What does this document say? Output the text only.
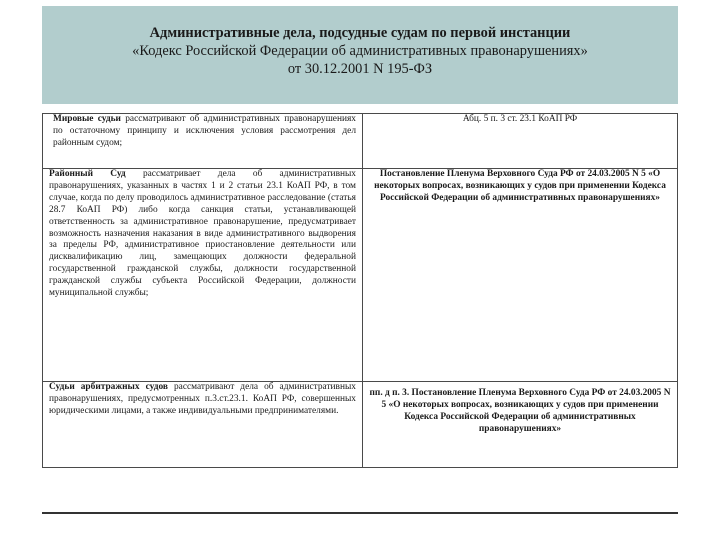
Административные дела, подсудные судам по первой инстанции
«Кодекс Российской Федерации об административных правонарушениях»
от 30.12.2001 N 195-ФЗ
Мировые судьи рассматривают об административных правонарушениях по остаточному принципу и исключения условия рассмотрения дел районным судом;	Абц. 5 п. 3 ст. 23.1 КоАП РФ
Районный Суд рассматривает дела об административных правонарушениях, указанных в частях 1 и 2 статьи 23.1 КоАП РФ, в том случае, когда по делу проводилось административное расследование (статья 28.7 КоАП РФ) либо когда санкция статьи, устанавливающей ответственность за административное правонарушение, предусматривает возможность назначения наказания в виде административного выдворения за пределы РФ, административное приостановление деятельности или дисквалификацию лиц, замещающих должности федеральной государственной гражданской службы, должности государственной гражданской службы субъекта Российской Федерации, должности муниципальной службы;	Постановление Пленума Верховного Суда РФ от 24.03.2005 N 5 «О некоторых вопросах, возникающих у судов при применении Кодекса Российской Федерации об административных правонарушениях»
Судьи арбитражных судов рассматривают дела об административных правонарушениях, предусмотренных п.3.ст.23.1. КоАП РФ, совершенных юридическими лицами, а также индивидуальными предпринимателями.	пп. д п. 3. Постановление Пленума Верховного Суда РФ от 24.03.2005 N 5 «О некоторых вопросах, возникающих у судов при применении Кодекса Российской Федерации об административных правонарушениях»
